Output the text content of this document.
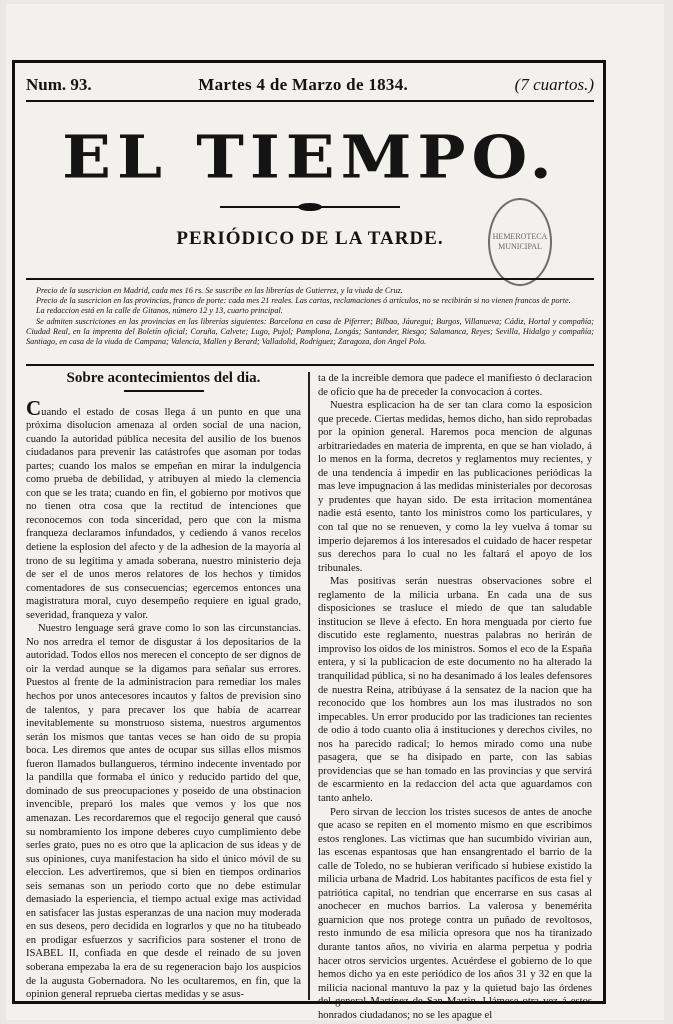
Num. 93.	Martes 4 de Marzo de 1834.	(7 cuartos.)
EL TIEMPO.
PERIÓDICO DE LA TARDE.	HEMEROTECA MUNICIPAL

Precio de la suscricion en Madrid, cada mes 16 rs. Se suscribe en las librerías de Gutierrez, y la viuda de Cruz.

Precio de la suscricion en las provincias, franco de porte: cada mes 21 reales. Las cartas, reclamaciones ó artículos, no se recibirán si no vienen francos de porte.

La redaccion está en la calle de Gitanos, número 12 y 13, cuarto principal.

Se admiten suscriciones en las provincias en las librerías siguientes: Barcelona en casa de Piferrer; Bilbao, Jáuregui; Burgos, Villanueva; Cádiz, Hortal y compañía; Ciudad Real, en la imprenta del Boletín oficial; Coruña, Calvete; Lugo, Pujol; Pamplona, Longás; Santander, Riesgo; Salamanca, Reyes; Sevilla, Hidalgo y compañía; Santiago, en casa de la viuda de Campana; Valencia, Mallen y Berard; Valladolid, Rodriguez; Zaragoza, don Angel Polo.

Sobre acontecimientos del dia.

Cuando el estado de cosas llega á un punto en que una próxima disolucion amenaza al orden social de una nacion, cuando la autoridad pública necesita del ausilio de los buenos ciudadanos para prevenir las catástrofes que asoman por todas partes; cuando los malos se empeñan en mirar la indulgencia como prueba de debilidad, y atribuyen al miedo la clemencia con que se les trata; cuando en fin, el gobierno por motivos que no tienen otra cosa que la rectitud de intenciones que reconocemos con toda sinceridad, pero que con la misma franqueza declaramos infundados, y cediendo á vanos recelos detiene la esplosion del afecto y de la adhesion de la mayoría al trono de su legítima y amada soberana, nuestro ministerio deja de ser el de unos meros relatores de los hechos y tímidos comentadores de sus consecuencias; egercemos entonces una magistratura moral, cuyo desempeño requiere en igual grado, severidad, franqueza y valor.

Nuestro lenguage será grave como lo son las circunstancias. No nos arredra el temor de disgustar á los depositarios de la autoridad. Todos ellos nos merecen el concepto de ser dignos de oir la verdad aunque se la digamos para señalar sus errores. Puestos al frente de la administracion para remediar los males hechos por unos antecesores incautos y faltos de prevision sino de talentos, y para precaver los que había de acarrear inevitablemente su monstruoso sistema, nuestros argumentos serán los mismos que tantas veces se han oido de su propia boca. Les diremos que antes de ocupar sus sillas ellos mismos fueron llamados bullangueros, término indecente inventado por la pandilla que formaba el único y reducido partido del que, dominado de sus preocupaciones y poseido de una obstinacion invencible, preparó los males que vemos y los que nos amenazan. Les recordaremos que el regocijo general que causó su nombramiento los impone deberes cuyo cumplimiento debe serles grato, pues no es otro que la aplicacion de sus ideas y de sus opiniones, cuya manifestacion ha sido el único móvil de su eleccion. Les advertiremos, que si bien en tiempos ordinarios seis semanas son un periodo corto que no debe estimular demasiado la esperiencia, el tiempo actual exige mas actividad en satisfacer las justas esperanzas de una nacion muy moderada en sus deseos, pero decidida en lograrlos y que no ha titubeado en prodigar esfuerzos y sacrificios para sostener el trono de ISABEL II, confiada en que desde el reinado de su joven soberana empezaba la era de su regeneracion bajo los auspicios de la augusta Gobernadora. No les ocultaremos, en fin, que la opinion general reprueba ciertas medidas y se asus-

ta de la increible demora que padece el manifiesto ó declaracion de oficio que ha de preceder la convocacion á cortes.

Nuestra esplicacion ha de ser tan clara como la esposicion que precede. Ciertas medidas, hemos dicho, han sido reprobadas por la opinion general. Haremos poca mencion de algunas arbitrariedades en materia de imprenta, en que se han violado, á lo menos en la forma, decretos y reglamentos muy recientes, y de una tendencia á impedir en las publicaciones periódicas la mas leve impugnacion á las medidas ministeriales por decorosas y prudentes que hayan sido. De esta irritacion momentánea nadie está esento, tanto los ministros como los particulares, y con tal que no se renueven, y como la ley vuelva á tomar su imperio dejaremos á los interesados el cuidado de hacer respetar sus derechos para lo cual no les faltará el apoyo de los tribunales.

Mas positivas serán nuestras observaciones sobre el reglamento de la milicia urbana. En cada una de sus disposiciones se trasluce el miedo de que tan saludable institucion se lleve á efecto. En hora menguada por cierto fue discutido este reglamento, nuestras palabras no herirán de improviso los oidos de los ministros. Somos el eco de la España entera, y si la publicacion de este documento no ha alterado la tranquilidad pública, si no ha desanimado á los leales defensores de nuestra Reina, atribúyase á la sensatez de la nacion que ha reconocido que los hombres aun los mas ilustrados no son impecables. Un error producido por las tradiciones tan recientes de odio á todo cuanto olia á instituciones y derechos civiles, no nos ha parecido radical; lo hemos mirado como una nube pasagera, que se ha disipado en parte, con las sabias providencias que se han tomado en las provincias y que servirá de escarmiento en la redaccion del acta que aguardamos con tanto anhelo.

Pero sirvan de leccion los tristes sucesos de antes de anoche que acaso se repiten en el momento mismo en que escribimos estos renglones. Las víctimas que han sucumbido vivirian aun, las escenas espantosas que han ensangrentado el barrio de la calle de Toledo, no se hubieran verificado si hubiese existido la milicia urbana de Madrid. Los habitantes pacíficos de esta fiel y patriótica capital, no tendrian que encerrarse en sus casas al anochecer en muchos barrios. La valerosa y benemérita guarnicion que nos protege contra un puñado de revoltosos, resto inmundo de esa milicia opresora que nos ha tiranizado durante tantos años, no viviria en alarma perpetua y podria hacer otros servicios urgentes. Acuérdese el gobierno de lo que hemos dicho ya en este periódico de los años 31 y 32 en que la milicia nacional mantuvo la paz y la quietud bajo las órdenes del general Martinez de San Martin. Llámese otra vez á estos honrados ciudadanos; no se les apague el
